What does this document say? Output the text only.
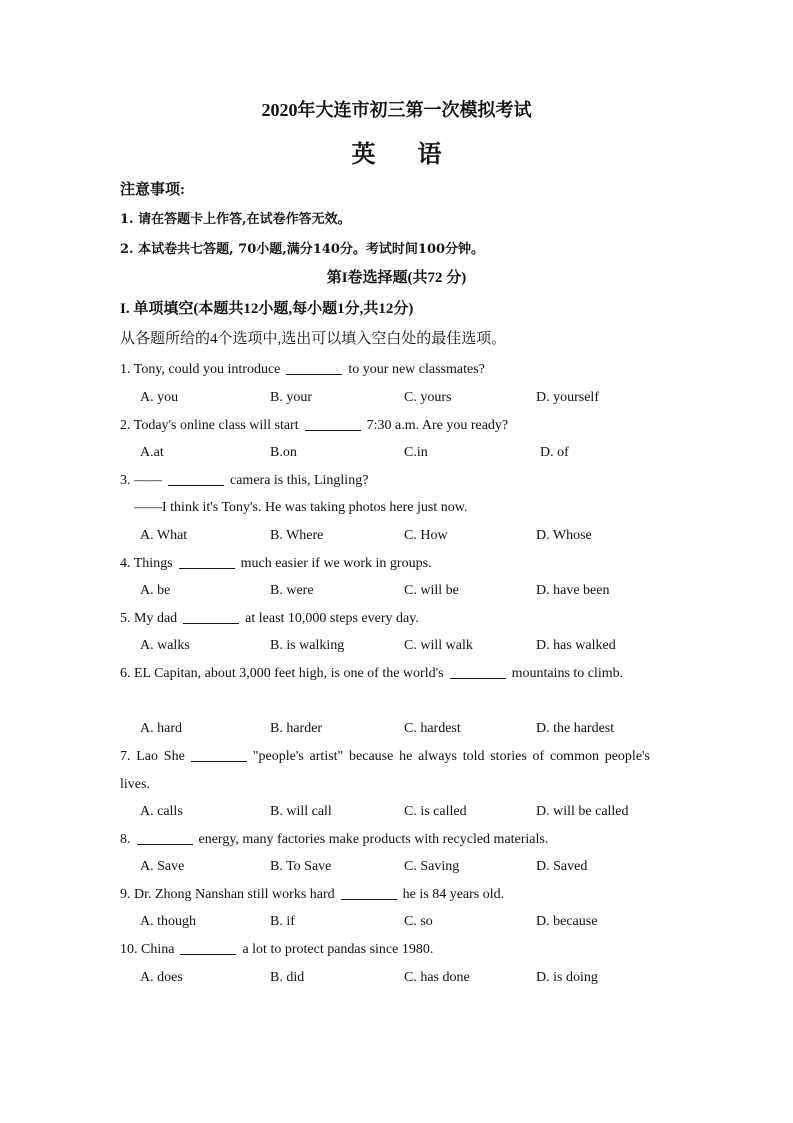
2020年大连市初三第一次模拟考试
英 语
注意事项:
1. 请在答题卡上作答,在试卷作答无效。
2. 本试卷共七答题, 70小题,满分140分。考试时间100分钟。
第I卷选择题(共72 分)
I. 单项填空(本题共12小题,每小题1分,共12分)
从各题所给的4个选项中,选出可以填入空白处的最佳选项。
1. Tony, could you introduce	to your new classmates?
A. you	B. your	C. yours	D. yourself
2. Today's online class will start	7:30 a.m. Are you ready?
A.at	B.on	C.in	D. of
3. ——	camera is this, Lingling?
——I think it's Tony's. He was taking photos here just now.
A. What	B. Where	C. How	D. Whose
4. Things	much easier if we work in groups.
A. be	B. were	C. will be	D. have been
5. My dad	at least 10,000 steps every day.
A. walks	B. is walking	C. will walk	D. has walked
6. EL Capitan, about 3,000 feet high, is one of the world's	mountains to climb.
A. hard	B. harder	C. hardest	D. the hardest
7. Lao She	"people's artist" because he always told stories of common people's lives.
A. calls	B. will call	C. is called	D. will be called
8.	energy, many factories make products with recycled materials.
A. Save	B. To Save	C. Saving	D. Saved
9. Dr. Zhong Nanshan still works hard	he is 84 years old.
A. though	B. if	C. so	D. because
10. China	a lot to protect pandas since 1980.
A. does	B. did	C. has done	D. is doing
